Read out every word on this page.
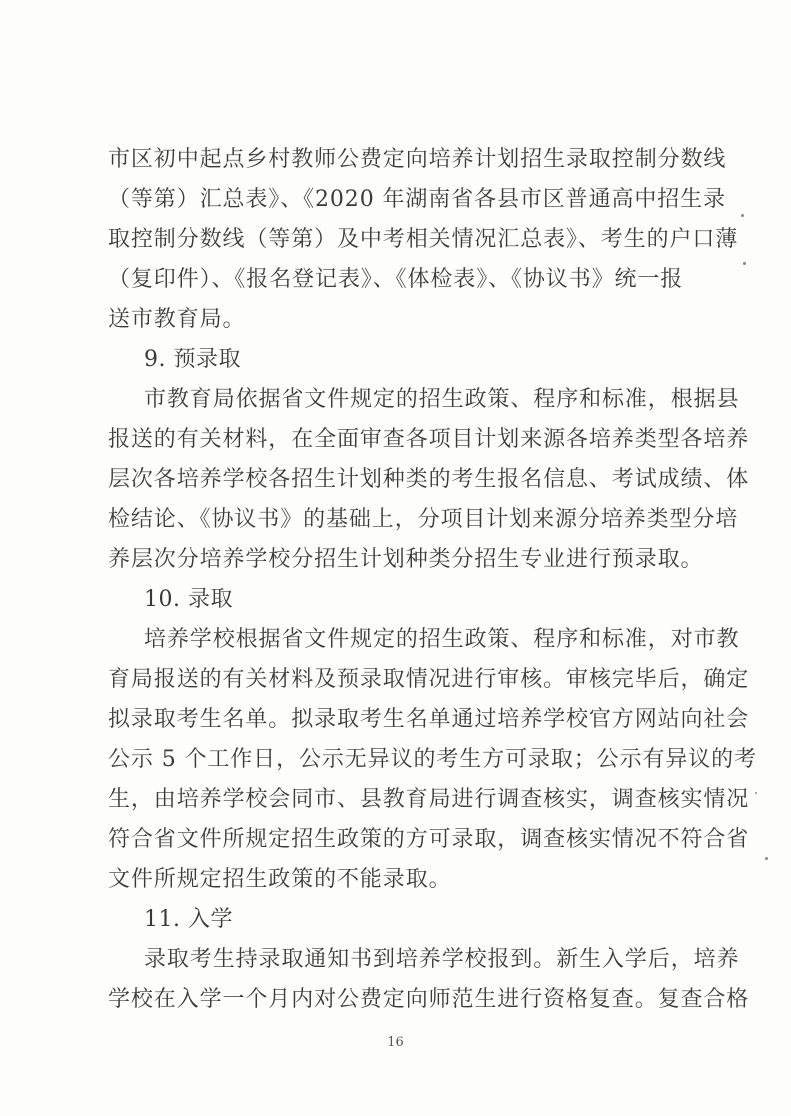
市区初中起点乡村教师公费定向培养计划招生录取控制分数线
（等第）汇总表》、《2020 年湖南省各县市区普通高中招生录
取控制分数线（等第）及中考相关情况汇总表》、考生的户口薄
（复印件）、《报名登记表》、《体检表》、《协议书》统一报
送市教育局。
9. 预录取
市教育局依据省文件规定的招生政策、程序和标准，根据县
报送的有关材料，在全面审查各项目计划来源各培养类型各培养
层次各培养学校各招生计划种类的考生报名信息、考试成绩、体
检结论、《协议书》的基础上，分项目计划来源分培养类型分培
养层次分培养学校分招生计划种类分招生专业进行预录取。
10. 录取
培养学校根据省文件规定的招生政策、程序和标准，对市教
育局报送的有关材料及预录取情况进行审核。审核完毕后，确定
拟录取考生名单。拟录取考生名单通过培养学校官方网站向社会
公示 5 个工作日，公示无异议的考生方可录取；公示有异议的考
生，由培养学校会同市、县教育局进行调查核实，调查核实情况
符合省文件所规定招生政策的方可录取，调查核实情况不符合省
文件所规定招生政策的不能录取。
11. 入学
录取考生持录取通知书到培养学校报到。新生入学后，培养
学校在入学一个月内对公费定向师范生进行资格复查。复查合格
16
